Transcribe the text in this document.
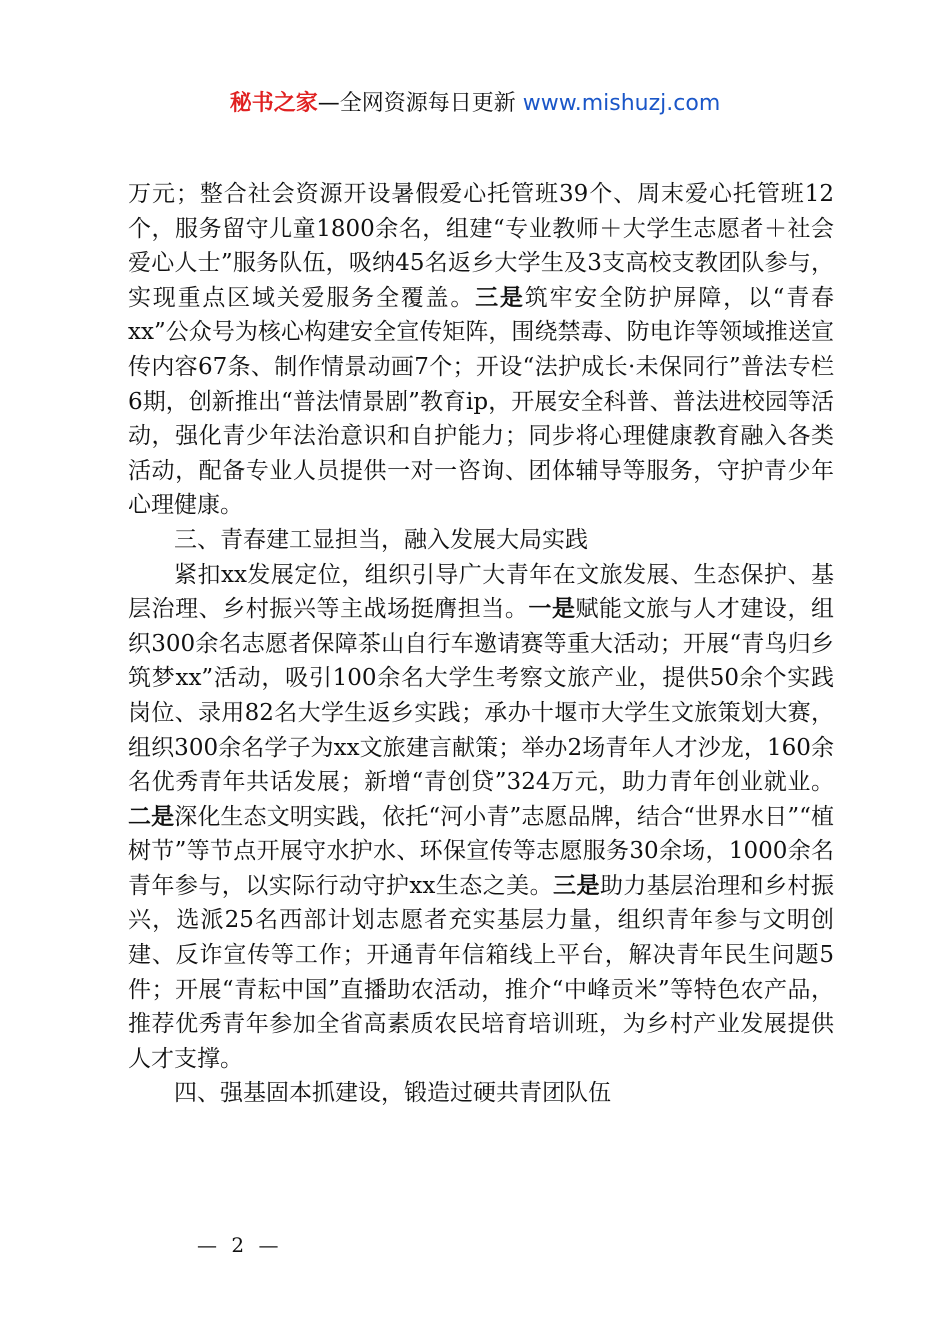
秘书之家—全网资源每日更新 www.mishuzj.com

万元；整合社会资源开设暑假爱心托管班39个、周末爱心托管班12个，服务留守儿童1800余名，组建“专业教师＋大学生志愿者＋社会爱心人士”服务队伍，吸纳45名返乡大学生及3支高校支教团队参与，实现重点区域关爱服务全覆盖。三是筑牢安全防护屏障，以“青春xx”公众号为核心构建安全宣传矩阵，围绕禁毒、防电诈等领域推送宣传内容67条、制作情景动画7个；开设“法护成长·未保同行”普法专栏6期，创新推出“普法情景剧”教育ip，开展安全科普、普法进校园等活动，强化青少年法治意识和自护能力；同步将心理健康教育融入各类活动，配备专业人员提供一对一咨询、团体辅导等服务，守护青少年心理健康。

三、青春建工显担当，融入发展大局实践

紧扣xx发展定位，组织引导广大青年在文旅发展、生态保护、基层治理、乡村振兴等主战场挺膺担当。一是赋能文旅与人才建设，组织300余名志愿者保障茶山自行车邀请赛等重大活动；开展“青鸟归乡筑梦xx”活动，吸引100余名大学生考察文旅产业，提供50余个实践岗位、录用82名大学生返乡实践；承办十堰市大学生文旅策划大赛，组织300余名学子为xx文旅建言献策；举办2场青年人才沙龙，160余名优秀青年共话发展；新增“青创贷”324万元，助力青年创业就业。二是深化生态文明实践，依托“河小青”志愿品牌，结合“世界水日”“植树节”等节点开展守水护水、环保宣传等志愿服务30余场，1000余名青年参与，以实际行动守护xx生态之美。三是助力基层治理和乡村振兴，选派25名西部计划志愿者充实基层力量，组织青年参与文明创建、反诈宣传等工作；开通青年信箱线上平台，解决青年民生问题5件；开展“青耘中国”直播助农活动，推介“中峰贡米”等特色农产品，推荐优秀青年参加全省高素质农民培育培训班，为乡村产业发展提供人才支撑。

四、强基固本抓建设，锻造过硬共青团队伍

— 2 —
